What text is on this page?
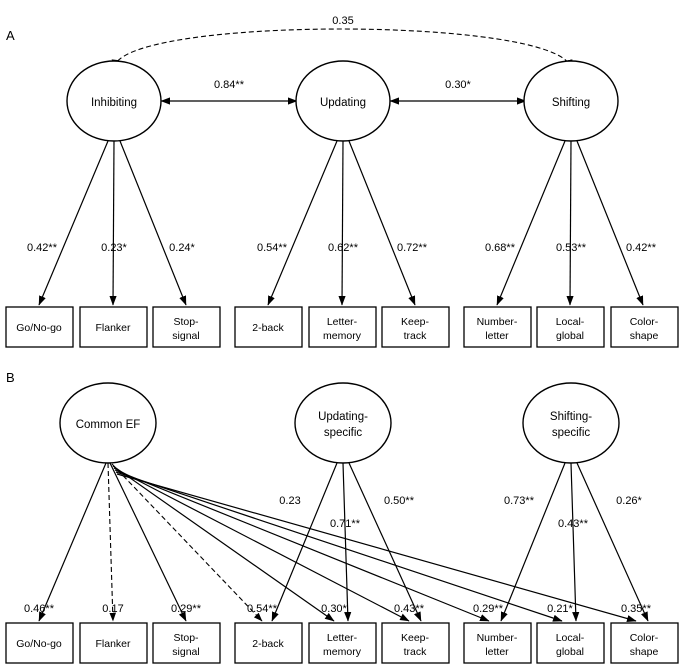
0.35
0.84**	0.30*
Inhibiting	Updating	Shifting
0.42**	0.23*	0.24*	0.54**	0.62**	0.72**	0.68**	0.53**	0.42**
Go/No-go	Flanker	Stop-
signal
2-back	Letter-
memory
Keep-
track
Number-
letter
Local-
global
Color-
shape
Common EF
Updating-
specific
Shifting-
specific
0.23
0.71**
0.50**	0.73**
0.43**
0.26*
0.46**	0.17	0.29**	0.54**	0.30*	0.43**	0.29**	0.21*	0.35**
Go/No-go	Flanker	Stop-
signal
2-back	Letter-
memory
Keep-
track
Number-
letter
Local-
global
Color-
shape
A
B
